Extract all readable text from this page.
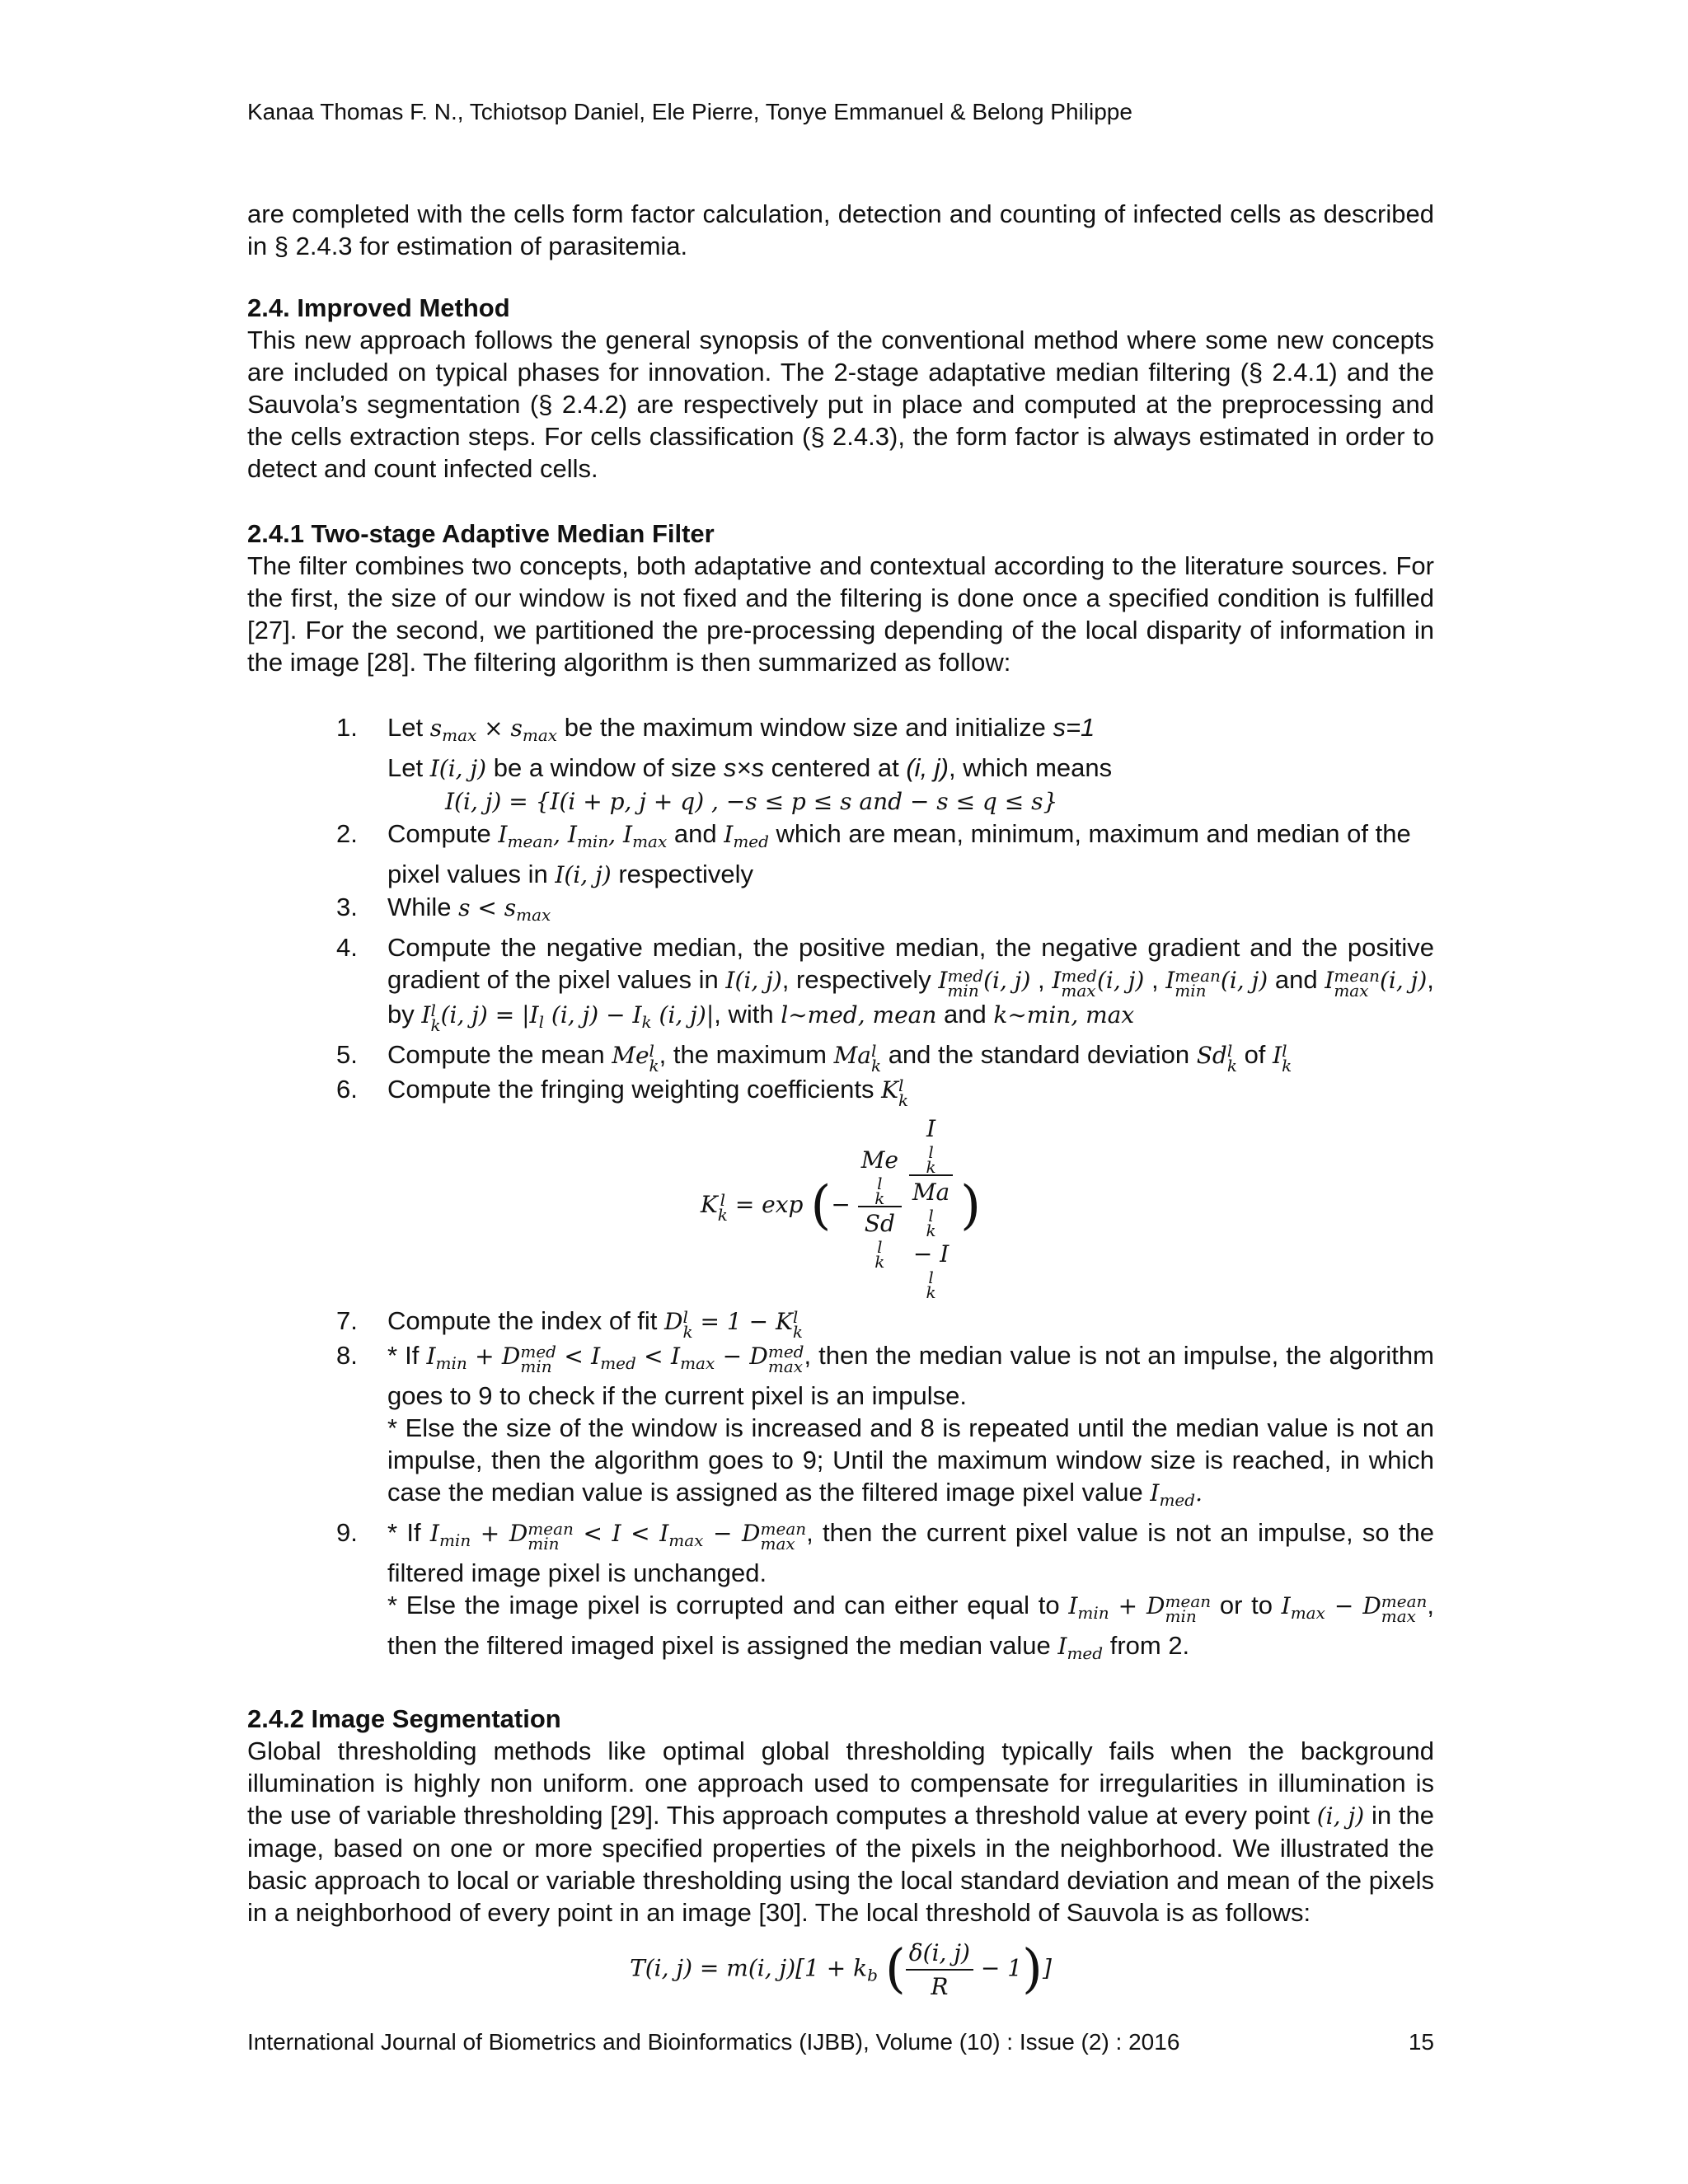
Kanaa Thomas F. N., Tchiotsop Daniel, Ele Pierre, Tonye Emmanuel & Belong Philippe

are completed with the cells form factor calculation, detection and counting of infected cells as described in § 2.4.3 for estimation of parasitemia.

2.4. Improved Method

This new approach follows the general synopsis of the conventional method where some new concepts are included on typical phases for innovation. The 2-stage adaptative median filtering (§ 2.4.1) and the Sauvola’s segmentation (§ 2.4.2) are respectively put in place and computed at the preprocessing and the cells extraction steps. For cells classification (§ 2.4.3), the form factor is always estimated in order to detect and count infected cells.

2.4.1 Two-stage Adaptive Median Filter

The filter combines two concepts, both adaptative and contextual according to the literature sources. For the first, the size of our window is not fixed and the filtering is done once a specified condition is fulfilled [27]. For the second, we partitioned the pre-processing depending of the local disparity of information in the image [28]. The filtering algorithm is then summarized as follow:

1. Let $s_{max} \times s_{max}$ be the maximum window size and initialize s=1
Let I(i, j) be a window of size s×s centered at (i, j), which means
I(i, j) = {I(i + p, j + q) , −s ≤ p ≤ s and − s ≤ q ≤ s}
2. Compute $I_{mean}$, $I_{min}$, $I_{max}$ and $I_{med}$ which are mean, minimum, maximum and median of the pixel values in I(i, j) respectively
3. While $s < s_{max}$
4. Compute the negative median, the positive median, the negative gradient and the positive gradient of the pixel values in I(i, j), respectively I med
min (i, j) , I med
max (i, j) , I mean
min (i, j) and I mean
max (i, j), by I l
k (i, $j) = |I_l$ (i, $j) - I_k$ (i, j)|, with l∼med, mean and k∼min, max
5. Compute the mean Me l
k , the maximum Ma l
k and the standard deviation Sd l
k of I l
k
6. Compute the fringing weighting coefficients K l
k
K l
k = exp (− Me
l
k
Sd
l
k
I
l
k
Ma
l
k
− I
l
k )
7. Compute the index of fit D l
k = 1 − K l
k
8. * If $I_{min} + D$ med
$\min < I_{med} < I_{max} - D$ med
max , then the median value is not an impulse, the algorithm goes to 9 to check if the current pixel is an impulse.
* Else the size of the window is increased and 8 is repeated until the median value is not an impulse, then the algorithm goes to 9; Until the maximum window size is reached, in which case the median value is assigned as the filtered image pixel value $I_{med}$.
9. * If $I_{min} + D$ mean
$\min < I < I_{max} - D$ mean
max , then the current pixel value is not an impulse, so the filtered image pixel is unchanged.
* Else the image pixel is corrupted and can either equal to $I_{min} + D$ mean
min or to $I_{max} - D$ mean
max , then the filtered imaged pixel is assigned the median value $I_{med}$ from 2.
2.4.2 Image Segmentation

Global thresholding methods like optimal global thresholding typically fails when the background illumination is highly non uniform. one approach used to compensate for irregularities in illumination is the use of variable thresholding [29]. This approach computes a threshold value at every point (i, j) in the image, based on one or more specified properties of the pixels in the neighborhood. We illustrated the basic approach to local or variable thresholding using the local standard deviation and mean of the pixels in a neighborhood of every point in an image [30]. The local threshold of Sauvola is as follows:

T(i, j) = m(i, $j)[1 + k_b$ ( $\frac{\delta(i, j)}{R} - 1$)]
International Journal of Biometrics and Bioinformatics (IJBB), Volume (10) : Issue (2) : 2016	15
